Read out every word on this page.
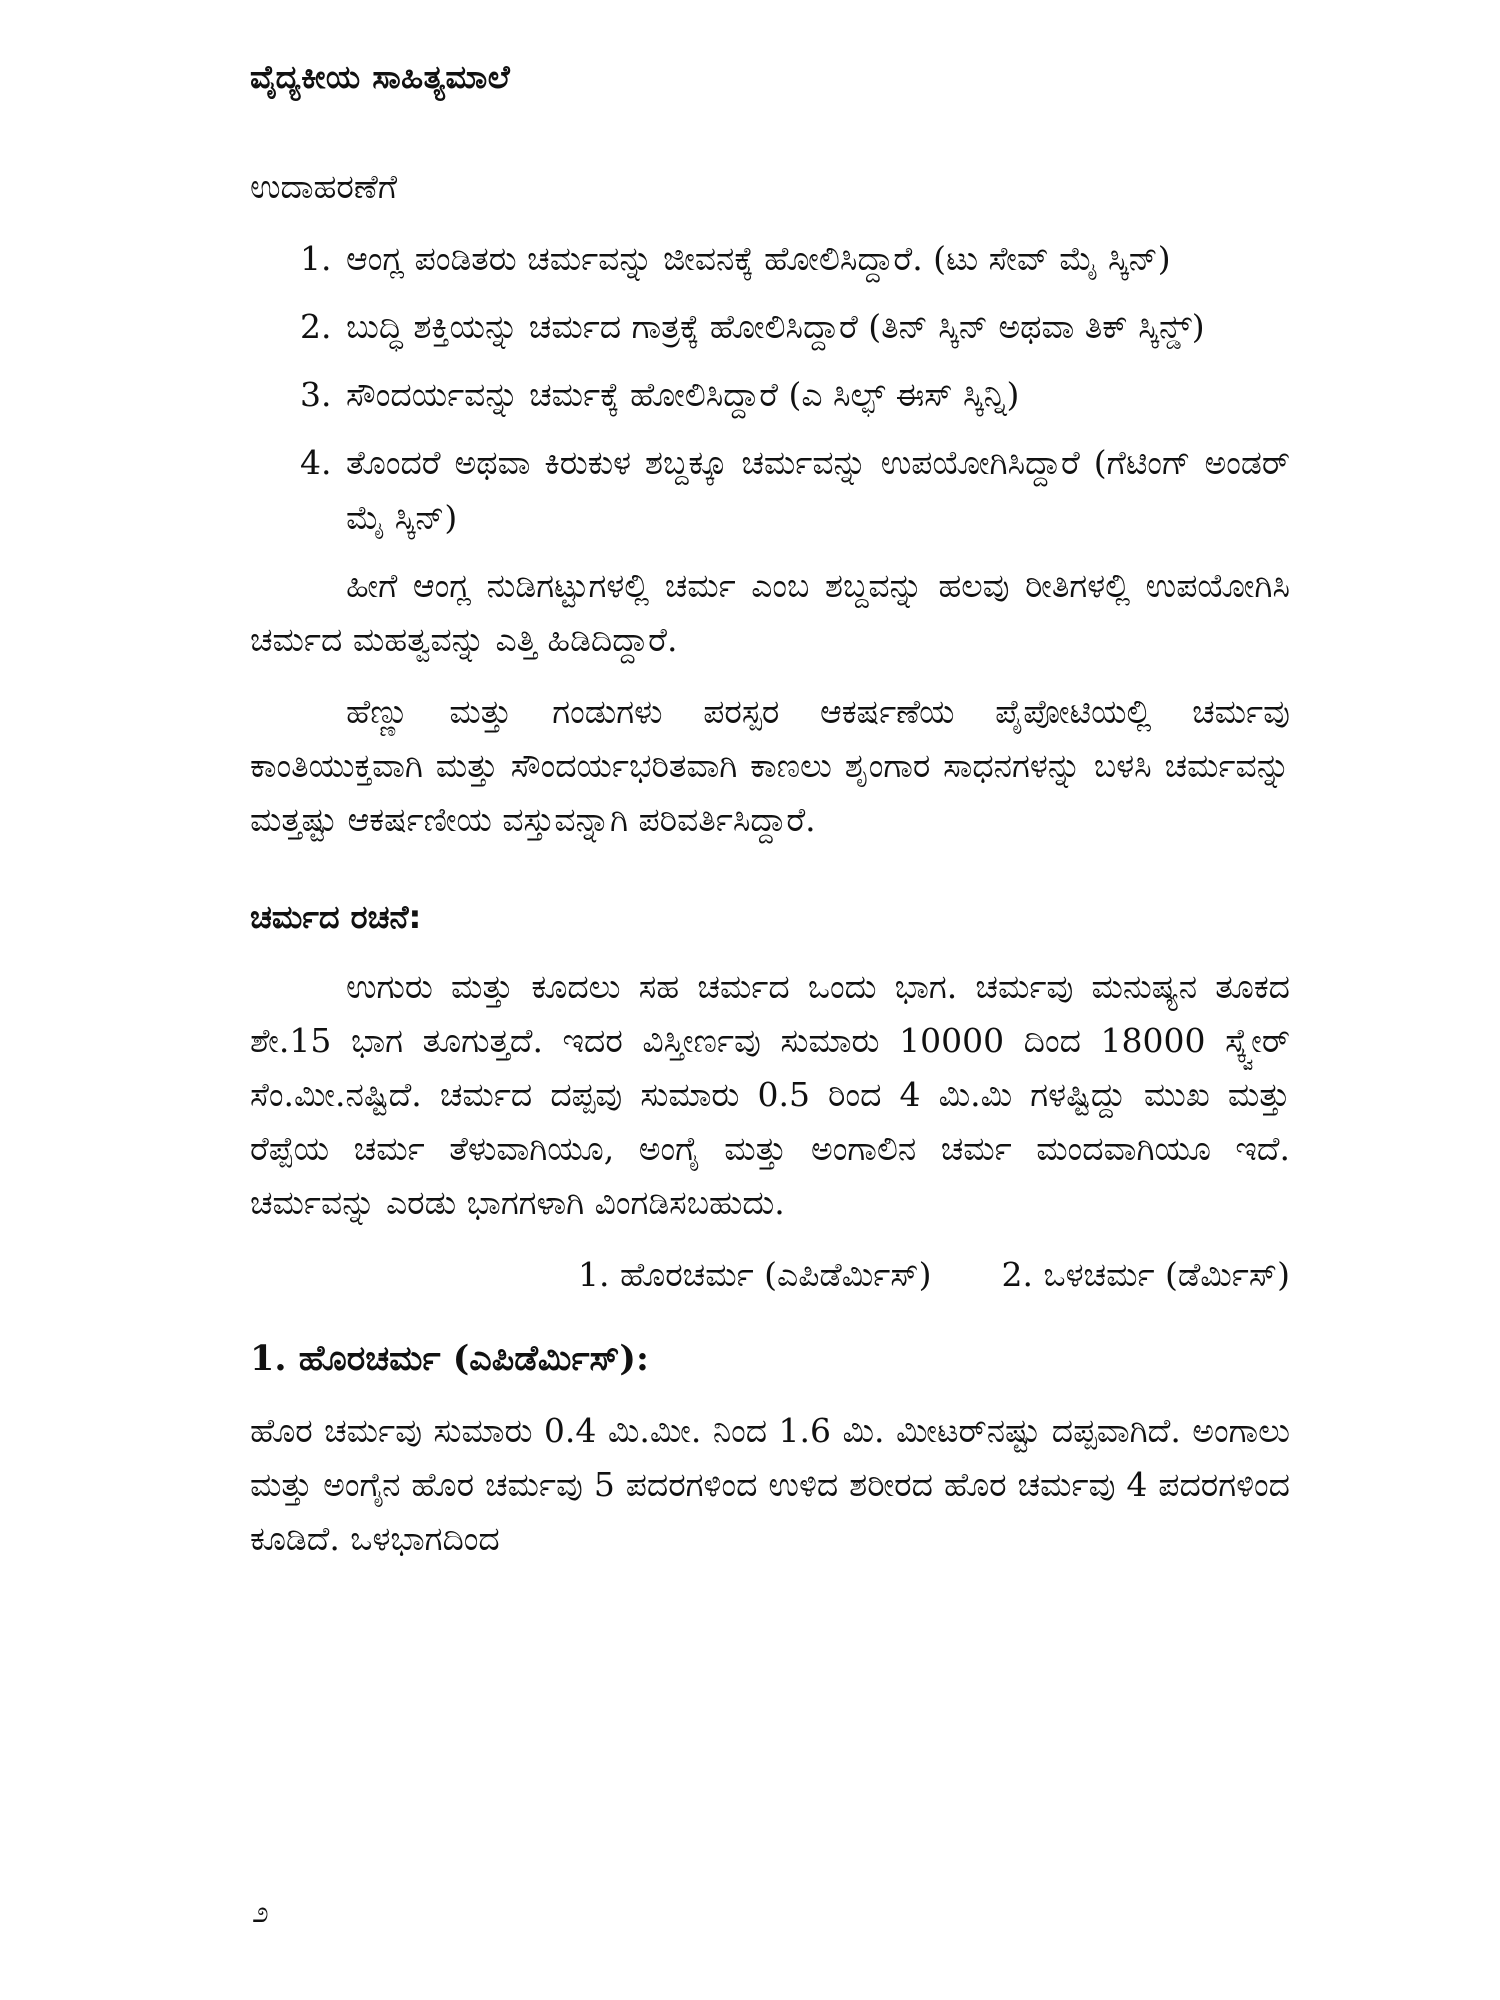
ವೈದ್ಯಕೀಯ ಸಾಹಿತ್ಯಮಾಲೆ
ಉದಾಹರಣೆಗೆ
1. ಆಂಗ್ಲ ಪಂಡಿತರು ಚರ್ಮವನ್ನು ಜೀವನಕ್ಕೆ ಹೋಲಿಸಿದ್ದಾರೆ. (ಟು ಸೇವ್ ಮೈ ಸ್ಕಿನ್)
2. ಬುದ್ಧಿ ಶಕ್ತಿಯನ್ನು ಚರ್ಮದ ಗಾತ್ರಕ್ಕೆ ಹೋಲಿಸಿದ್ದಾರೆ (ತಿನ್ ಸ್ಕಿನ್ ಅಥವಾ ತಿಕ್ ಸ್ಕಿನ್ಡ್)
3. ಸೌಂದರ್ಯವನ್ನು ಚರ್ಮಕ್ಕೆ ಹೋಲಿಸಿದ್ದಾರೆ (ಎ ಸಿಲ್ಫ್ ಈಸ್ ಸ್ಕಿನ್ನಿ)
4. ತೊಂದರೆ ಅಥವಾ ಕಿರುಕುಳ ಶಬ್ದಕ್ಕೂ ಚರ್ಮವನ್ನು ಉಪಯೋಗಿಸಿದ್ದಾರೆ (ಗೆಟಿಂಗ್ ಅಂಡರ್ ಮೈ ಸ್ಕಿನ್)

ಹೀಗೆ ಆಂಗ್ಲ ನುಡಿಗಟ್ಟುಗಳಲ್ಲಿ ಚರ್ಮ ಎಂಬ ಶಬ್ದವನ್ನು ಹಲವು ರೀತಿಗಳಲ್ಲಿ ಉಪಯೋಗಿಸಿ ಚರ್ಮದ ಮಹತ್ವವನ್ನು ಎತ್ತಿ ಹಿಡಿದಿದ್ದಾರೆ.

ಹೆಣ್ಣು ಮತ್ತು ಗಂಡುಗಳು ಪರಸ್ಪರ ಆಕರ್ಷಣೆಯ ಪೈಪೋಟಿಯಲ್ಲಿ ಚರ್ಮವು ಕಾಂತಿಯುಕ್ತವಾಗಿ ಮತ್ತು ಸೌಂದರ್ಯಭರಿತವಾಗಿ ಕಾಣಲು ಶೃಂಗಾರ ಸಾಧನಗಳನ್ನು ಬಳಸಿ ಚರ್ಮವನ್ನು ಮತ್ತಷ್ಟು ಆಕರ್ಷಣೀಯ ವಸ್ತುವನ್ನಾಗಿ ಪರಿವರ್ತಿಸಿದ್ದಾರೆ.

ಚರ್ಮದ ರಚನೆ:

ಉಗುರು ಮತ್ತು ಕೂದಲು ಸಹ ಚರ್ಮದ ಒಂದು ಭಾಗ. ಚರ್ಮವು ಮನುಷ್ಯನ ತೂಕದ ಶೇ.15 ಭಾಗ ತೂಗುತ್ತದೆ. ಇದರ ವಿಸ್ತೀರ್ಣವು ಸುಮಾರು 10000 ದಿಂದ 18000 ಸ್ಕ್ವೇರ್ ಸೆಂ.ಮೀ.ನಷ್ಟಿದೆ. ಚರ್ಮದ ದಪ್ಪವು ಸುಮಾರು 0.5 ರಿಂದ 4 ಮಿ.ಮಿ ಗಳಷ್ಟಿದ್ದು ಮುಖ ಮತ್ತು ರೆಪ್ಪೆಯ ಚರ್ಮ ತೆಳುವಾಗಿಯೂ, ಅಂಗೈ ಮತ್ತು ಅಂಗಾಲಿನ ಚರ್ಮ ಮಂದವಾಗಿಯೂ ಇದೆ. ಚರ್ಮವನ್ನು ಎರಡು ಭಾಗಗಳಾಗಿ ವಿಂಗಡಿಸಬಹುದು.

1. ಹೊರಚರ್ಮ (ಎಪಿಡೆರ್ಮಿಸ್) 2. ಒಳಚರ್ಮ (ಡೆರ್ಮಿಸ್)
1. ಹೊರಚರ್ಮ (ಎಪಿಡೆರ್ಮಿಸ್):

ಹೊರ ಚರ್ಮವು ಸುಮಾರು 0.4 ಮಿ.ಮೀ. ನಿಂದ 1.6 ಮಿ. ಮೀಟರ್‌ನಷ್ಟು ದಪ್ಪವಾಗಿದೆ. ಅಂಗಾಲು ಮತ್ತು ಅಂಗೈನ ಹೊರ ಚರ್ಮವು 5 ಪದರಗಳಿಂದ ಉಳಿದ ಶರೀರದ ಹೊರ ಚರ್ಮವು 4 ಪದರಗಳಿಂದ ಕೂಡಿದೆ. ಒಳಭಾಗದಿಂದ

೨
